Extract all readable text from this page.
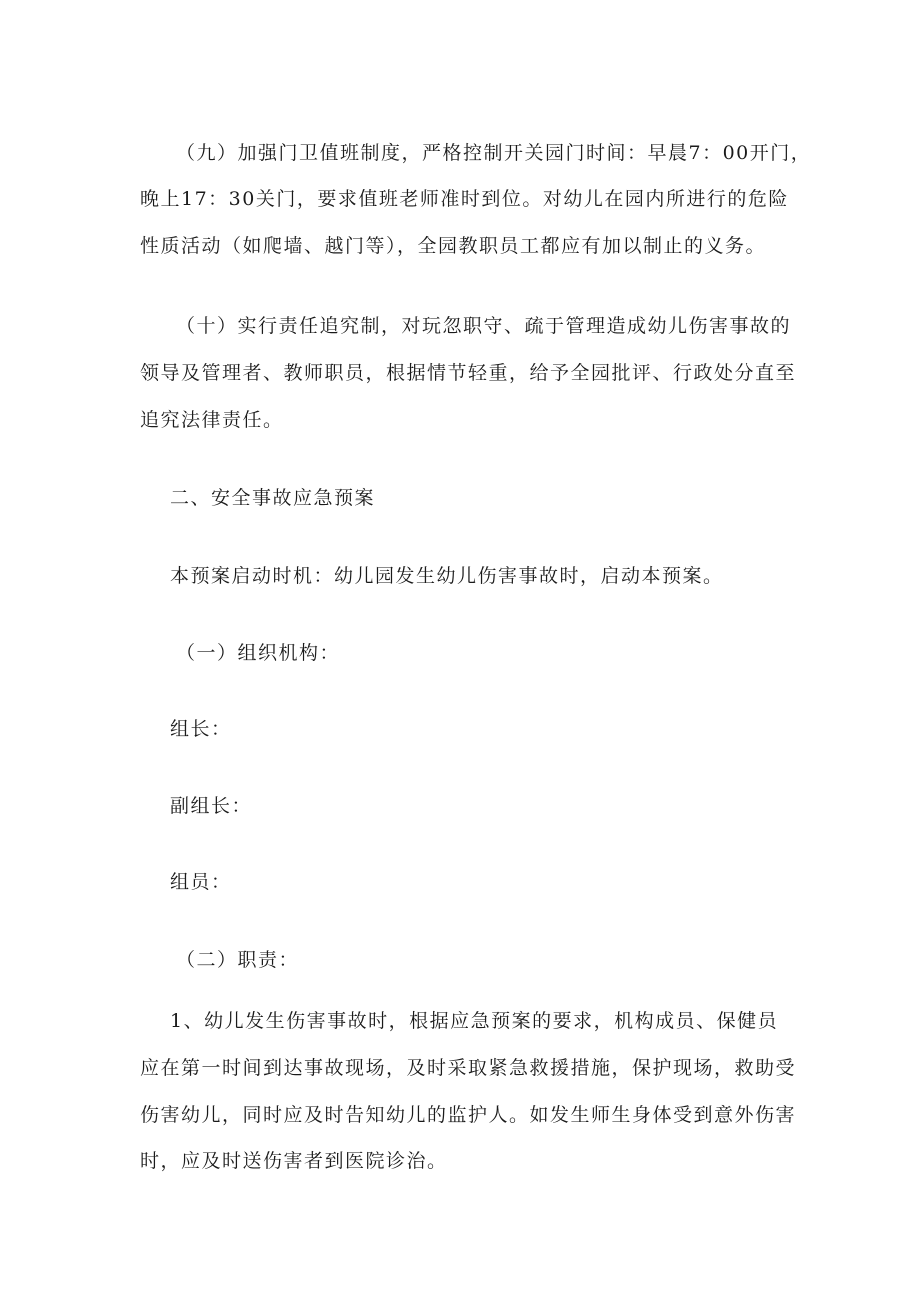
（九）加强门卫值班制度，严格控制开关园门时间：早晨7：00开门，
晚上17：30关门，要求值班老师准时到位。对幼儿在园内所进行的危险
性质活动（如爬墙、越门等），全园教职员工都应有加以制止的义务。
（十）实行责任追究制，对玩忽职守、疏于管理造成幼儿伤害事故的
领导及管理者、教师职员，根据情节轻重，给予全园批评、行政处分直至
追究法律责任。
二、安全事故应急预案
本预案启动时机：幼儿园发生幼儿伤害事故时，启动本预案。
（一）组织机构：
组长：
副组长：
组员：
（二）职责：
1、幼儿发生伤害事故时，根据应急预案的要求，机构成员、保健员
应在第一时间到达事故现场，及时采取紧急救援措施，保护现场，救助受
伤害幼儿，同时应及时告知幼儿的监护人。如发生师生身体受到意外伤害
时，应及时送伤害者到医院诊治。
